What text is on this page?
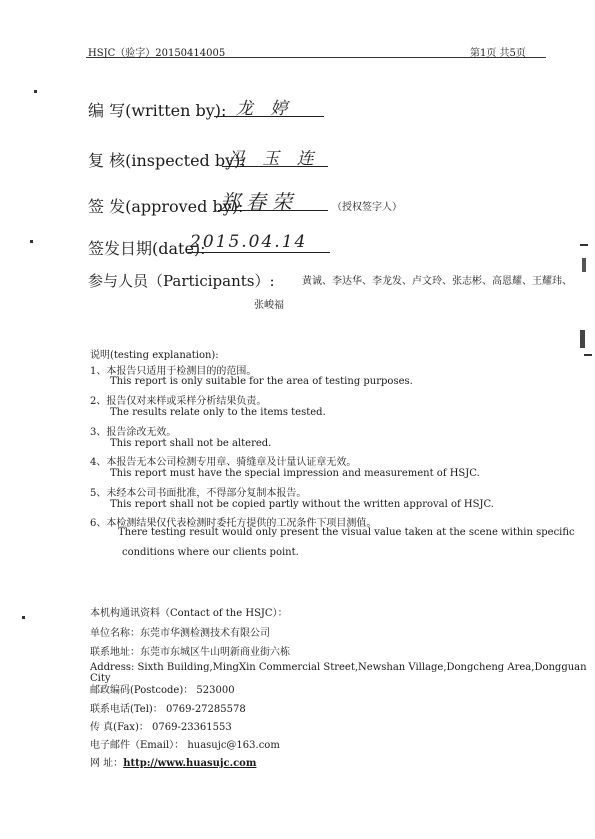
HSJC（验字）20150414005	第1页 共5页
编 写(written by): 龙 婷
复 核(inspected by):
冯 玉 连
签 发(approved by):
郑春荣	（授权签字人）
签发日期(date):
2015.04.14
参与人员（Participants）:	黄诚、李达华、李龙发、卢文玲、张志彬、高恩耀、王耀玮、
张峻福
说明(testing explanation):
1、本报告只适用于检测目的的范围。
This report is only suitable for the area of testing purposes.
2、报告仅对来样或采样分析结果负责。
The results relate only to the items tested.
3、报告涂改无效。
This report shall not be altered.
4、本报告无本公司检测专用章、骑缝章及计量认证章无效。
This report must have the special impression and measurement of HSJC.
5、未经本公司书面批准，不得部分复制本报告。
This report shall not be copied partly without the written approval of HSJC.
6、本检测结果仅代表检测时委托方提供的工况条件下项目测值。
There testing result would only present the visual value taken at the scene within specific
conditions where our clients point.
本机构通讯资料（Contact of the HSJC）：
单位名称：东莞市华测检测技术有限公司
联系地址：东莞市东城区牛山明新商业街六栋
Address: Sixth Building,MingXin Commercial Street,Newshan Village,Dongcheng Area,Dongguan City
邮政编码(Postcode)： 523000
联系电话(Tel)： 0769-27285578
传 真(Fax)： 0769-23361553
电子邮件（Email）： huasujc@163.com
网 址：http://www.huasujc.com
